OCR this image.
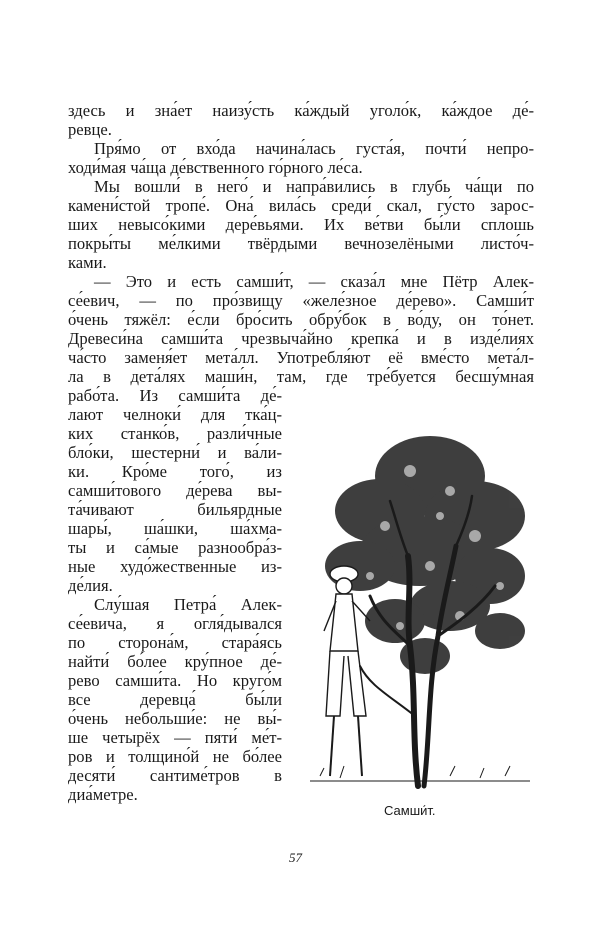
здесь и зна́ет наизу́сть ка́ждый уголо́к, ка́ждое де́-
ревце.
Пря́мо от вхо́да начина́лась густа́я, почти́ непро-
ходи́мая ча́ща де́вственного го́рного ле́са.
Мы вошли́ в него́ и напра́вились в глубь ча́щи по
камени́стой тропе́. Она́ вила́сь среди́ скал, гу́сто зарос-
ших невысо́кими дере́вьями. Их ве́тви бы́ли сплошь
покры́ты ме́лкими твёрдыми вечнозелёными листо́ч-
ками.
— Это и есть самши́т, — сказа́л мне Пётр Алек-
се́евич, — по про́звищу «желе́зное де́рево». Самши́т
о́чень тяжёл: е́сли бро́сить обру́бок в во́ду, он то́нет.
Древеси́на самши́та чрезвыча́йно крепка́ и в изде́лиях
ча́сто заменя́ет мета́лл. Употребля́ют её вме́сто мета́л-
ла в дета́лях маши́н, там, где тре́буется бесшу́мная
рабо́та. Из самши́та де́-
лают челноки́ для тка́ц-
ких станко́в, разли́чные
бло́ки, шестерни́ и ва́ли-
ки. Кро́ме того́, из
самши́тового де́рева вы-
та́чивают бильярдные
шары́, ша́шки, ша́хма-
ты и са́мые разнообра́з-
ные худо́жественные из-
де́лия.
Слу́шая Петра́ Алек-
се́евича, я огля́дывался
по сторона́м, стара́ясь
найти́ бо́лее кру́пное де́-
рево самши́та. Но круго́м
все деревца́ бы́ли
о́чень небольши́е: не вы́-
ше четырёх — пяти́ ме́т-
ров и толщино́й не бо́лее
десяти́ сантиме́тров в
диа́метре.
Самши́т.
57
